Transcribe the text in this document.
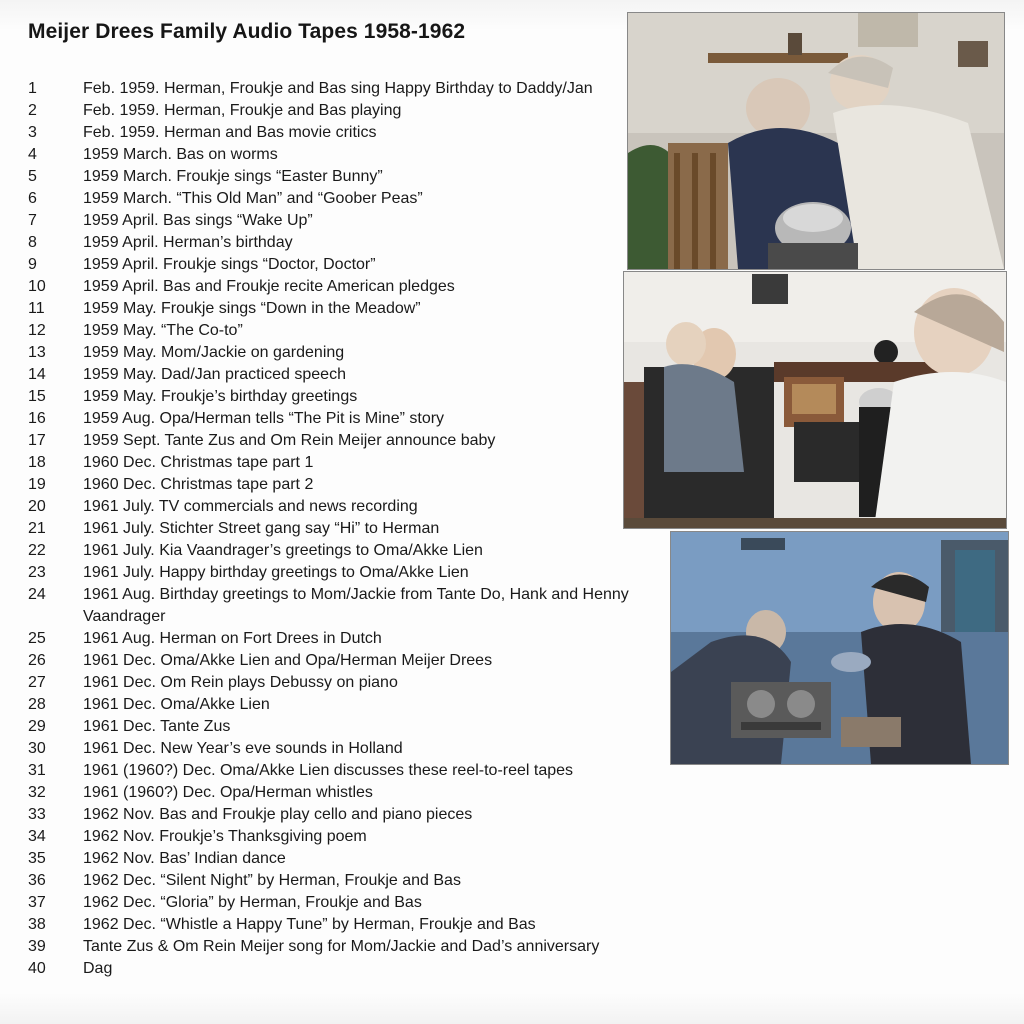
Meijer Drees Family Audio Tapes 1958-1962
1	Feb. 1959. Herman, Froukje and Bas sing Happy Birthday to Daddy/Jan
2	Feb. 1959. Herman, Froukje and Bas playing
3	Feb. 1959. Herman and Bas movie critics
4	1959 March. Bas on worms
5	1959 March. Froukje sings “Easter Bunny”
6	1959 March. “This Old Man” and “Goober Peas”
7	1959 April. Bas sings “Wake Up”
8	1959 April. Herman’s birthday
9	1959 April. Froukje sings “Doctor, Doctor”
10	1959 April. Bas and Froukje recite American pledges
11	1959 May. Froukje sings “Down in the Meadow”
12	1959 May. “The Co-to”
13	1959 May. Mom/Jackie on gardening
14	1959 May. Dad/Jan practiced speech
15	1959 May. Froukje’s birthday greetings
16	1959 Aug. Opa/Herman tells “The Pit is Mine” story
17	1959 Sept. Tante Zus and Om Rein Meijer announce baby
18	1960 Dec. Christmas tape part 1
19	1960 Dec. Christmas tape part 2
20	1961 July. TV commercials and news recording
21	1961 July. Stichter Street gang say “Hi” to Herman
22	1961 July. Kia Vaandrager’s greetings to Oma/Akke Lien
23	1961 July. Happy birthday greetings to Oma/Akke Lien
24	1961 Aug. Birthday greetings to Mom/Jackie from Tante Do, Hank and Henny Vaandrager
25	1961 Aug. Herman on Fort Drees in Dutch
26	1961 Dec. Oma/Akke Lien and Opa/Herman Meijer Drees
27	1961 Dec. Om Rein plays Debussy on piano
28	1961 Dec. Oma/Akke Lien
29	1961 Dec. Tante Zus
30	1961 Dec. New Year’s eve sounds in Holland
31	1961 (1960?) Dec. Oma/Akke Lien discusses these reel-to-reel tapes
32	1961 (1960?) Dec. Opa/Herman whistles
33	1962 Nov. Bas and Froukje play cello and piano pieces
34	1962 Nov. Froukje’s Thanksgiving poem
35	1962 Nov. Bas’ Indian dance
36	1962 Dec. “Silent Night” by Herman, Froukje and Bas
37	1962 Dec. “Gloria” by Herman, Froukje and Bas
38	1962 Dec. “Whistle a Happy Tune” by Herman, Froukje and Bas
39	Tante Zus & Om Rein Meijer song for Mom/Jackie and Dad’s anniversary
40	Dag
